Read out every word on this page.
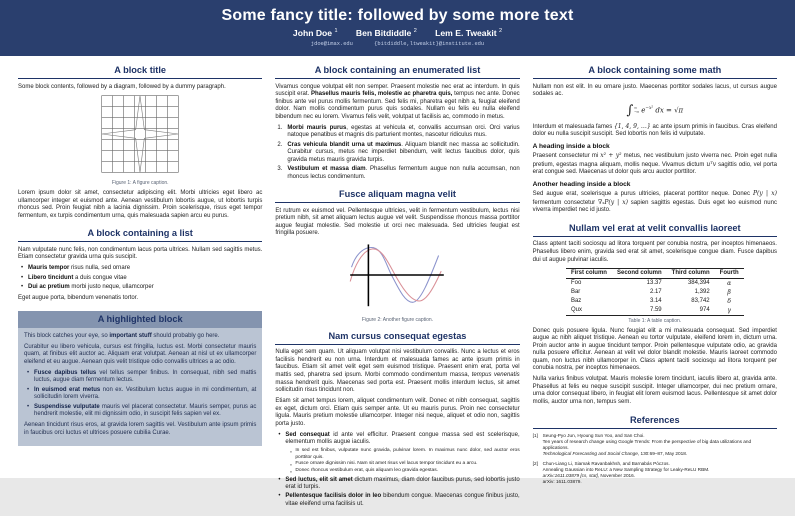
Some fancy title: followed by some more text
John Doe $^1$ Ben Bitdiddle $^2$ Lem E. Tweakit $^2$
jdoe@imax.edu	{bitdiddle,ltweakit}@institute.edu
A block title

Some block contents, followed by a diagram, followed by a dummy paragraph.

Figure 1: A figure caption.

Lorem ipsum dolor sit amet, consectetur adipiscing elit. Morbi ultricies eget libero ac ullamcorper integer et euismod ante. Aenean vestibulum lobortis augue, ut lobortis turpis rhoncus sed. Proin feugiat nibh a lacinia dignissim. Proin scelerisque, risus eget tempor fermentum, ex turpis condimentum urna, quis malesuada sapien arcu eu purus.

A block containing a list

Nam vulputate nunc felis, non condimentum lacus porta ultrices. Nullam sed sagittis metus. Etiam consectetur gravida urna quis suscipit.

• Mauris tempor risus nulla, sed ornare
• Libero tincidunt a duis congue vitae
• Dui ac pretium morbi justo neque, ullamcorper

Eget augue porta, bibendum venenatis tortor.

A highlighted block

This block catches your eye, so important stuff should probably go here.

Curabitur eu libero vehicula, cursus est fringilla, luctus est. Morbi consectetur mauris quam, at finibus elit auctor ac. Aliquam erat volutpat. Aenean at nisl ut ex ullamcorper eleifend et eu augue. Aenean quis velit tristique odio convallis ultrices a ac odio.

• Fusce dapibus tellus vel tellus semper finibus. In consequat, nibh sed mattis luctus, augue diam fermentum lectus.
• In euismod erat metus non ex. Vestibulum luctus augue in mi condimentum, at sollicitudin lorem viverra.
• Suspendisse vulputate mauris vel placerat consectetur. Mauris semper, purus ac hendrerit molestie, elit mi dignissim odio, in suscipit felis sapien vel ex.

Aenean tincidunt risus eros, at gravida lorem sagittis vel. Vestibulum ante ipsum primis in faucibus orci luctus et ultrices posuere cubilia Curae.

A block containing an enumerated list

Vivamus congue volutpat elit non semper. Praesent molestie nec erat ac interdum. In quis suscipit erat. Phasellus mauris felis, molestie ac pharetra quis, tempus nec ante. Donec finibus ante vel purus mollis fermentum. Sed felis mi, pharetra eget nibh a, feugiat eleifend dolor. Nam mollis condimentum purus quis sodales. Nullam eu felis eu nulla eleifend bibendum nec eu lorem. Vivamus felis velit, volutpat ut facilisis ac, commodo in metus.

Morbi mauris purus, egestas at vehicula et, convallis accumsan orci. Orci varius natoque penatibus et magnis dis parturient montes, nascetur ridiculus mus.
Cras vehicula blandit urna ut maximus. Aliquam blandit nec massa ac sollicitudin. Curabitur cursus, metus nec imperdiet bibendum, velit lectus faucibus dolor, quis gravida metus mauris gravida turpis.
Vestibulum et massa diam. Phasellus fermentum augue non nulla accumsan, non rhoncus lectus condimentum.
Fusce aliquam magna velit

Et rutrum ex euismod vel. Pellentesque ultricies, velit in fermentum vestibulum, lectus nisi pretium nibh, sit amet aliquam lectus augue vel velit. Suspendisse rhoncus massa porttitor augue feugiat molestie. Sed molestie ut orci nec malesuada. Sed ultricies feugiat est fringilla posuere.

Figure 2: Another figure caption.
Nam cursus consequat egestas

Nulla eget sem quam. Ut aliquam volutpat nisi vestibulum convallis. Nunc a lectus et eros facilisis hendrerit eu non urna. Interdum et malesuada fames ac ante ipsum primis in faucibus. Etiam sit amet velit eget sem euismod tristique. Praesent enim erat, porta vel mattis sed, pharetra sed ipsum. Morbi commodo condimentum massa, tempus venenatis massa hendrerit quis. Maecenas sed porta est. Praesent mollis interdum lectus, sit amet sollicitudin risus tincidunt non.

Etiam sit amet tempus lorem, aliquet condimentum velit. Donec et nibh consequat, sagittis ex eget, dictum orci. Etiam quis semper ante. Ut eu mauris purus. Proin nec consectetur ligula. Mauris pretium molestie ullamcorper. Integer nisi neque, aliquet et odio non, sagittis porta justo.

• Sed consequat id ante vel efficitur. Praesent congue massa sed est scelerisque, elementum mollis augue iaculis.
▪ In sed est finibus, vulputate nunc gravida, pulvinar lorem. In maximus nunc dolor, sed auctor eros porttitor quis.
▪ Fusce ornare dignissim nisi. Nam sit amet risus vel lacus tempor tincidunt eu a arcu.
▪ Donec rhoncus vestibulum erat, quis aliquam leo gravida egestas.
• Sed luctus, elit sit amet dictum maximus, diam dolor faucibus purus, sed lobortis justo erat id turpis.
• Pellentesque facilisis dolor in leo bibendum congue. Maecenas congue finibus justo, vitae eleifend urna facilisis ut.
A block containing some math

Nullam non est elit. In eu ornare justo. Maecenas porttitor sodales lacus, ut cursus augue sodales ac.

∫ ∞
−∞ $e^{-x^2}$ dx = √π

Interdum et malesuada fames {1, 4, 9, …} ac ante ipsum primis in faucibus. Cras eleifend dolor eu nulla suscipit suscipit. Sed lobortis non felis id vulputate.

A heading inside a block

Praesent consectetur mi x² + y² metus, nec vestibulum justo viverra nec. Proin eget nulla pretium, egestas magna aliquam, mollis neque. Vivamus dictum uᵀv sagittis odio, vel porta erat congue sed. Maecenas ut dolor quis arcu auctor porttitor.

Another heading inside a block

Sed augue erat, scelerisque a purus ultricies, placerat porttitor neque. Donec P(y | x) fermentum consectetur ∇ₓP(y | x) sapien sagittis egestas. Duis eget leo euismod nunc viverra imperdiet nec id justo.

Nullam vel erat at velit convallis laoreet

Class aptent taciti sociosqu ad litora torquent per conubia nostra, per inceptos himenaeos. Phasellus libero enim, gravida sed erat sit amet, scelerisque congue diam. Fusce dapibus dui ut augue pulvinar iaculis.

First column	Second column	Third column	Fourth
Foo	13.37	384,394	α
Bar	2.17	1,392	β
Baz	3.14	83,742	δ
Qux	7.59	974	γ
Table 1: A table caption.

Donec quis posuere ligula. Nunc feugiat elit a mi malesuada consequat. Sed imperdiet augue ac nibh aliquet tristique. Aenean eu tortor vulputate, eleifend lorem in, dictum urna. Proin auctor ante in augue tincidunt tempor. Proin pellentesque vulputate odio, ac gravida nulla posuere efficitur. Aenean at velit vel dolor blandit molestie. Mauris laoreet commodo quam, non luctus nibh ullamcorper in. Class aptent taciti sociosqu ad litora torquent per conubia nostra, per inceptos himenaeos.

Nulla varius finibus volutpat. Mauris molestie lorem tincidunt, iaculis libero at, gravida ante. Phasellus at felis eu neque suscipit suscipit. Integer ullamcorper, dui nec pretium ornare, urna dolor consequat libero, in feugiat elit lorem euismod lacus. Pellentesque sit amet dolor mollis, auctor urna non, tempus sem.

References
[1]	Seung-Pyo Jun, Hyoung Sun Yoo, and San Choi.
Ten years of research change using Google Trends: From the perspective of big data utilizations and applications.
Technological Forecasting and Social Change, 130:69–87, May 2018.
[2]	Chun-Liang Li, Siamak Ravanbakhsh, and Barnabás Póczos.
Annealing Gaussian into ReLU: a New Sampling Strategy for Leaky-ReLU RBM.
arXiv:1611.03879 [cs, stat], November 2016.
arXiv: 1611.03879.
